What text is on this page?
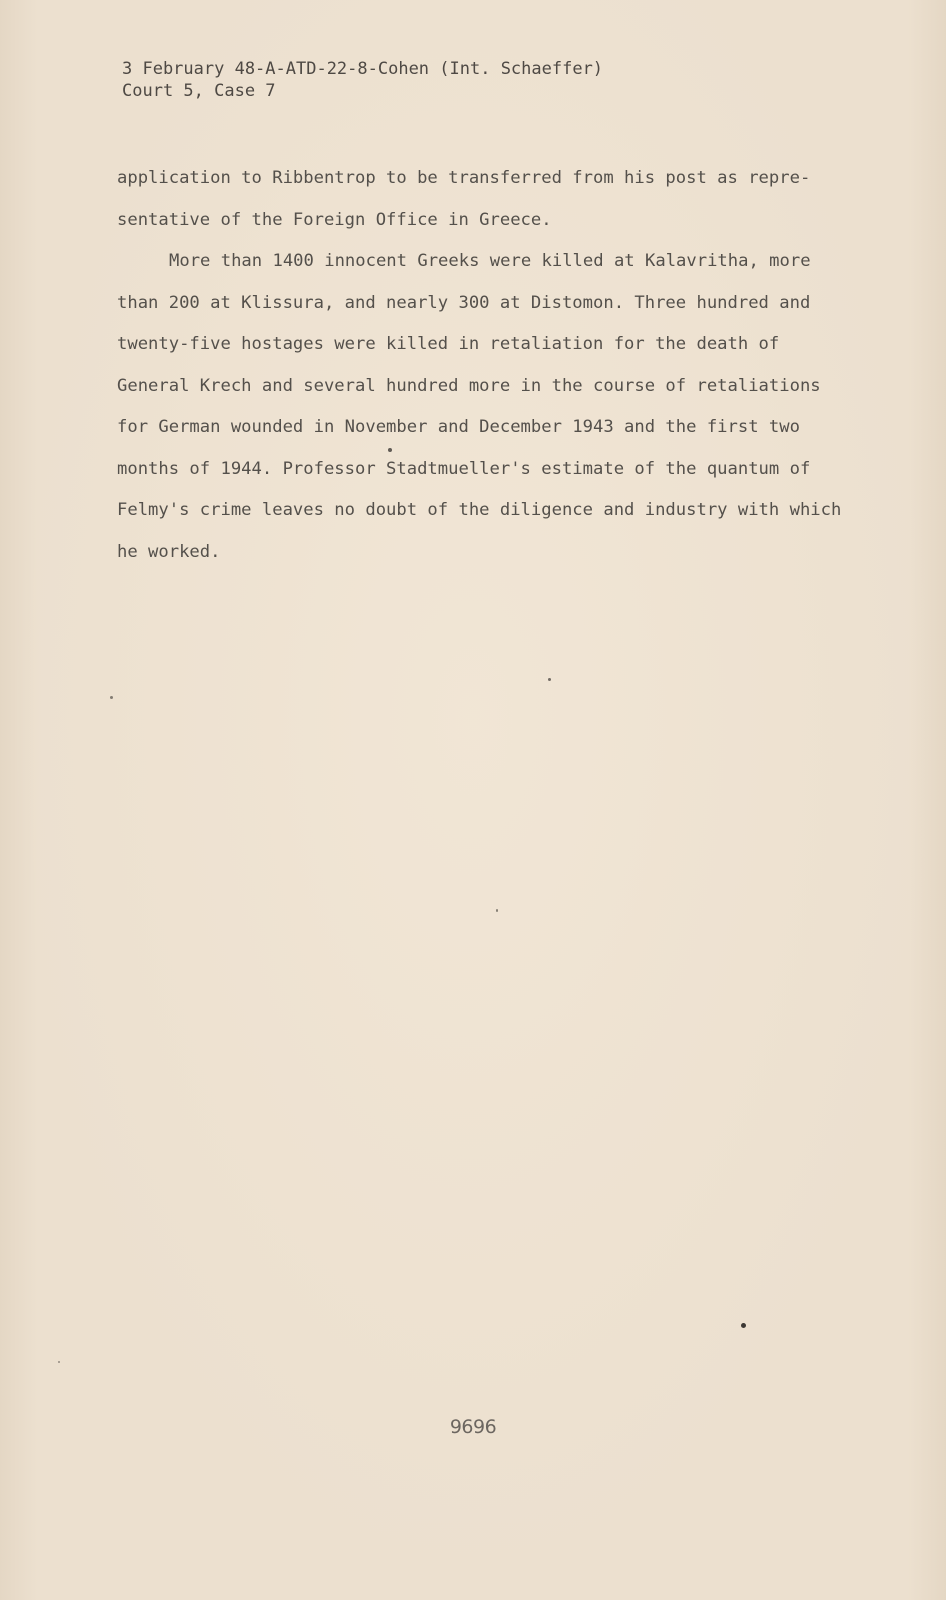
3 February 48-A-ATD-22-8-Cohen (Int. Schaeffer)
Court 5, Case 7
application to Ribbentrop to be transferred from his post as repre-
sentative of the Foreign Office in Greece.
More than 1400 innocent Greeks were killed at Kalavritha, more
than 200 at Klissura, and nearly 300 at Distomon. Three hundred and
twenty-five hostages were killed in retaliation for the death of
General Krech and several hundred more in the course of retaliations
for German wounded in November and December 1943 and the first two
months of 1944. Professor Stadtmueller's estimate of the quantum of
Felmy's crime leaves no doubt of the diligence and industry with which
he worked.
9696
